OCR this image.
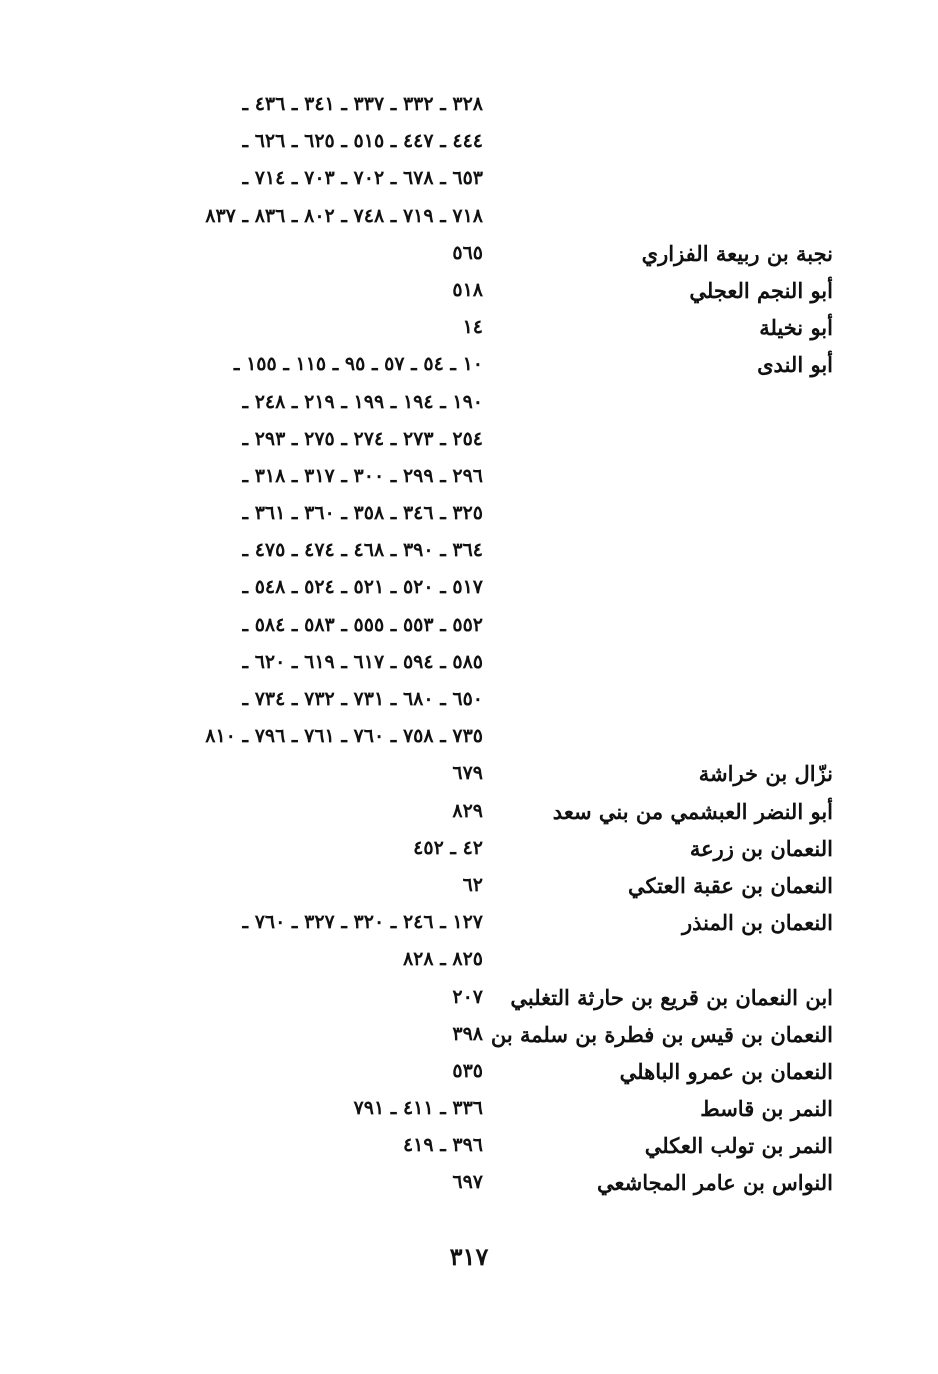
٣٢٨ ـ ٣٣٢ ـ ٣٣٧ ـ ٣٤١ ـ ٤٣٦ ـ
٤٤٤ ـ ٤٤٧ ـ ٥١٥ ـ ٦٢٥ ـ ٦٢٦ ـ
٦٥٣ ـ ٦٧٨ ـ ٧٠٢ ـ ٧٠٣ ـ ٧١٤ ـ
٧١٨ ـ ٧١٩ ـ ٧٤٨ ـ ٨٠٢ ـ ٨٣٦ ـ ٨٣٧
نجبة بن ربيعة الفزاري
٥٦٥
أبو النجم العجلي
٥١٨
أبو نخيلة
١٤
أبو الندى
١٠ ـ ٥٤ ـ ٥٧ ـ ٩٥ ـ ١١٥ ـ ١٥٥ ـ
١٩٠ ـ ١٩٤ ـ ١٩٩ ـ ٢١٩ ـ ٢٤٨ ـ
٢٥٤ ـ ٢٧٣ ـ ٢٧٤ ـ ٢٧٥ ـ ٢٩٣ ـ
٢٩٦ ـ ٢٩٩ ـ ٣٠٠ ـ ٣١٧ ـ ٣١٨ ـ
٣٢٥ ـ ٣٤٦ ـ ٣٥٨ ـ ٣٦٠ ـ ٣٦١ ـ
٣٦٤ ـ ٣٩٠ ـ ٤٦٨ ـ ٤٧٤ ـ ٤٧٥ ـ
٥١٧ ـ ٥٢٠ ـ ٥٢١ ـ ٥٢٤ ـ ٥٤٨ ـ
٥٥٢ ـ ٥٥٣ ـ ٥٥٥ ـ ٥٨٣ ـ ٥٨٤ ـ
٥٨٥ ـ ٥٩٤ ـ ٦١٧ ـ ٦١٩ ـ ٦٢٠ ـ
٦٥٠ ـ ٦٨٠ ـ ٧٣١ ـ ٧٣٢ ـ ٧٣٤ ـ
٧٣٥ ـ ٧٥٨ ـ ٧٦٠ ـ ٧٦١ ـ ٧٩٦ ـ ٨١٠
نزّال بن خراشة
٦٧٩
أبو النضر العبشمي من بني سعد
٨٢٩
النعمان بن زرعة
٤٢ ـ ٤٥٢
النعمان بن عقبة العتكي
٦٢
النعمان بن المنذر
١٢٧ ـ ٢٤٦ ـ ٣٢٠ ـ ٣٢٧ ـ ٧٦٠ ـ
٨٢٥ ـ ٨٢٨
ابن النعمان بن قريع بن حارثة التغلبي
٢٠٧
النعمان بن قيس بن فطرة بن سلمة بن
٣٩٨
النعمان بن عمرو الباهلي
٥٣٥
النمر بن قاسط
٣٣٦ ـ ٤١١ ـ ٧٩١
النمر بن تولب العكلي
٣٩٦ ـ ٤١٩
النواس بن عامر المجاشعي
٦٩٧
٣١٧
